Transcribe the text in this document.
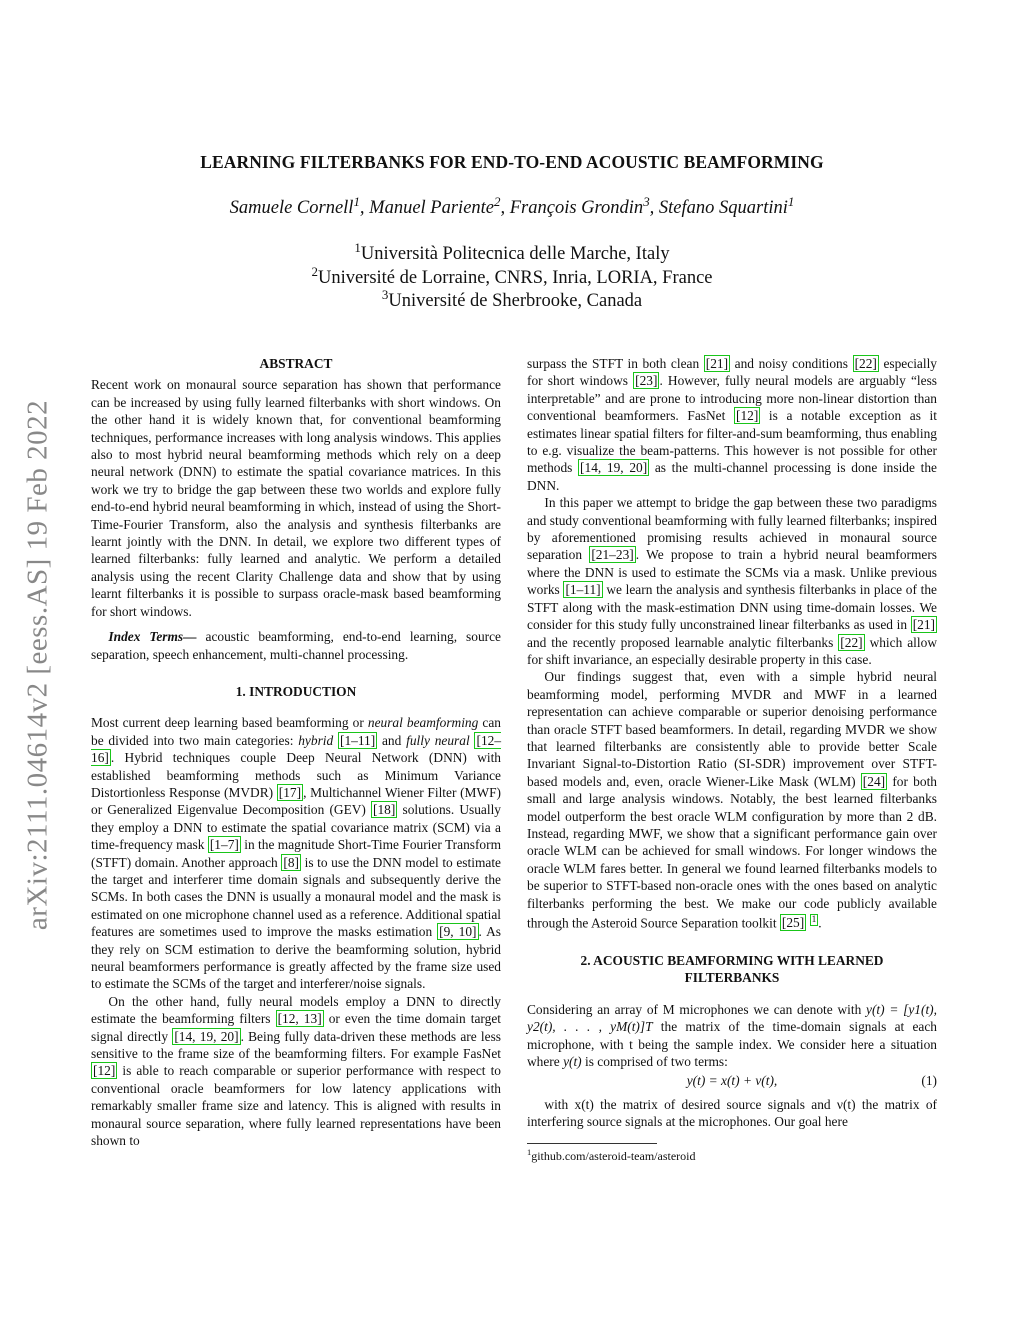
arXiv:2111.04614v2 [eess.AS] 19 Feb 2022
LEARNING FILTERBANKS FOR END-TO-END ACOUSTIC BEAMFORMING
Samuele Cornell$^1$, Manuel Pariente$^2$, François Grondin$^3$, Stefano Squartini$^1$
$^1$Università Politecnica delle Marche, Italy
$^2$Université de Lorraine, CNRS, Inria, LORIA, France
$^3$Université de Sherbrooke, Canada
ABSTRACT

Recent work on monaural source separation has shown that performance can be increased by using fully learned filterbanks with short windows. On the other hand it is widely known that, for conventional beamforming techniques, performance increases with long analysis windows. This applies also to most hybrid neural beamforming methods which rely on a deep neural network (DNN) to estimate the spatial covariance matrices. In this work we try to bridge the gap between these two worlds and explore fully end-to-end hybrid neural beamforming in which, instead of using the Short-Time-Fourier Transform, also the analysis and synthesis filterbanks are learnt jointly with the DNN. In detail, we explore two different types of learned filterbanks: fully learned and analytic. We perform a detailed analysis using the recent Clarity Challenge data and show that by using learnt filterbanks it is possible to surpass oracle-mask based beamforming for short windows.

Index Terms— acoustic beamforming, end-to-end learning, source separation, speech enhancement, multi-channel processing.

1. INTRODUCTION

Most current deep learning based beamforming or neural beamforming can be divided into two main categories: hybrid [1–11] and fully neural [12–16] . Hybrid techniques couple Deep Neural Network (DNN) with established beamforming methods such as Minimum Variance Distortionless Response (MVDR) [17] , Multichannel Wiener Filter (MWF) or Generalized Eigenvalue Decomposition (GEV) [18] solutions. Usually they employ a DNN to estimate the spatial covariance matrix (SCM) via a time-frequency mask [1–7] in the magnitude Short-Time Fourier Transform (STFT) domain. Another approach [8] is to use the DNN model to estimate the target and interferer time domain signals and subsequently derive the SCMs. In both cases the DNN is usually a monaural model and the mask is estimated on one microphone channel used as a reference. Additional spatial features are sometimes used to improve the masks estimation [9, 10] . As they rely on SCM estimation to derive the beamforming solution, hybrid neural beamformers performance is greatly affected by the frame size used to estimate the SCMs of the target and interferer/noise signals.

On the other hand, fully neural models employ a DNN to directly estimate the beamforming filters [12, 13] or even the time domain target signal directly [14, 19, 20] . Being fully data-driven these methods are less sensitive to the frame size of the beamforming filters. For example FasNet [12] is able to reach comparable or superior performance with respect to conventional oracle beamformers for low latency applications with remarkably smaller frame size and latency. This is aligned with results in monaural source separation, where fully learned representations have been shown to

surpass the STFT in both clean [21] and noisy conditions [22] especially for short windows [23] . However, fully neural models are arguably “less interpretable” and are prone to introducing more non-linear distortion than conventional beamformers. FasNet [12] is a notable exception as it estimates linear spatial filters for filter-and-sum beamforming, thus enabling to e.g. visualize the beam-patterns. This however is not possible for other methods [14, 19, 20] as the multi-channel processing is done inside the DNN.

In this paper we attempt to bridge the gap between these two paradigms and study conventional beamforming with fully learned filterbanks; inspired by aforementioned promising results achieved in monaural source separation [21–23] . We propose to train a hybrid neural beamformers where the DNN is used to estimate the SCMs via a mask. Unlike previous works [1–11] we learn the analysis and synthesis filterbanks in place of the STFT along with the mask-estimation DNN using time-domain losses. We consider for this study fully unconstrained linear filterbanks as used in [21] and the recently proposed learnable analytic filterbanks [22] which allow for shift invariance, an especially desirable property in this case.

Our findings suggest that, even with a simple hybrid neural beamforming model, performing MVDR and MWF in a learned representation can achieve comparable or superior denoising performance than oracle STFT based beamformers. In detail, regarding MVDR we show that learned filterbanks are consistently able to provide better Scale Invariant Signal-to-Distortion Ratio (SI-SDR) improvement over STFT-based models and, even, oracle Wiener-Like Mask (WLM) [24] for both small and large analysis windows. Notably, the best learned filterbanks model outperform the best oracle WLM configuration by more than 2 dB. Instead, regarding MWF, we show that a significant performance gain over oracle WLM can be achieved for small windows. For longer windows the oracle WLM fares better. In general we found learned filterbanks models to be superior to STFT-based non-oracle ones with the ones based on analytic filterbanks performing the best. We make our code publicly available through the Asteroid Source Separation toolkit [25] $^1$ .

2. ACOUSTIC BEAMFORMING WITH LEARNED FILTERBANKS

Considering an array of M microphones we can denote with y(t) = [y1(t), y2(t), . . . , yM(t)]T the matrix of the time-domain signals at each microphone, with t being the sample index. We consider here a situation where y(t) is comprised of two terms:

y(t) = x(t) + ν(t),	(1)

with x(t) the matrix of desired source signals and ν(t) the matrix of interfering source signals at the microphones. Our goal here

$^1$github.com/asteroid-team/asteroid
